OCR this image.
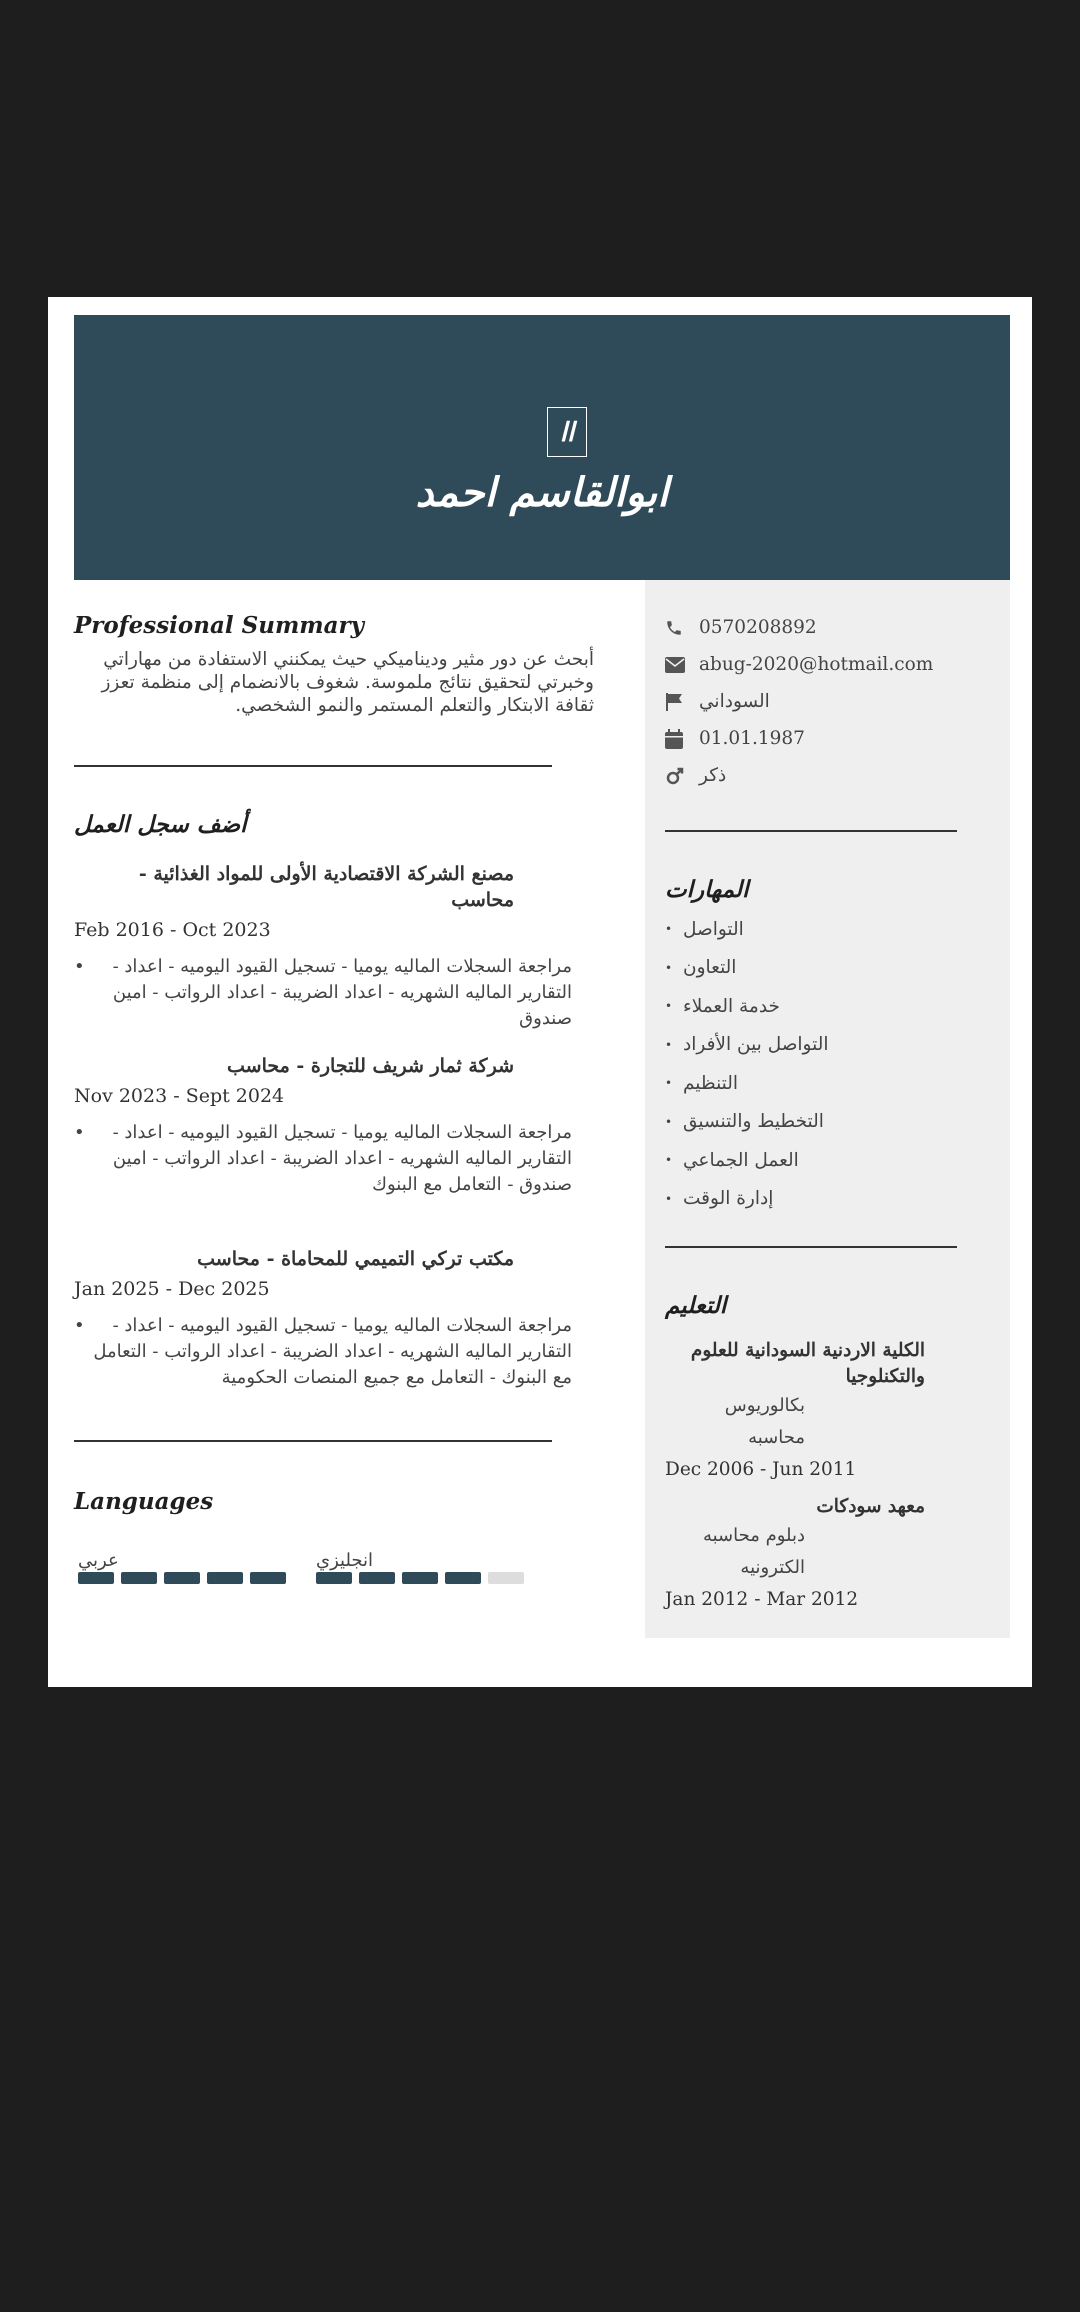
اا
ابوالقاسم احمد
Professional Summary
أبحث عن دور مثير وديناميكي حيث يمكنني الاستفادة من مهاراتي وخبرتي لتحقيق نتائج ملموسة. شغوف بالانضمام إلى منظمة تعزز ثقافة الابتكار والتعلم المستمر والنمو الشخصي.
أضف سجل العمل
مصنع الشركة الاقتصادية الأولى للمواد الغذائية - محاسب
Feb 2016 - Oct 2023
•	مراجعة السجلات الماليه يوميا - تسجيل القيود اليوميه - اعداد - التقارير الماليه الشهريه - اعداد الضريبة - اعداد الرواتب - امين صندوق
شركة ثمار شريف للتجارة - محاسب
Nov 2023 - Sept 2024
•	مراجعة السجلات الماليه يوميا - تسجيل القيود اليوميه - اعداد - التقارير الماليه الشهريه - اعداد الضريبة - اعداد الرواتب - امين صندوق - التعامل مع البنوك
مكتب تركي التميمي للمحاماة - محاسب
Jan 2025 - Dec 2025
•	مراجعة السجلات الماليه يوميا - تسجيل القيود اليوميه - اعداد - التقارير الماليه الشهريه - اعداد الضريبة - اعداد الرواتب - التعامل مع البنوك - التعامل مع جميع المنصات الحكومية
Languages
عربي	انجليزي
0570208892
abug-2020@hotmail.com
السوداني
01.01.1987
ذكر
المهارات
• التواصل
• التعاون
• خدمة العملاء
• التواصل بين الأفراد
• التنظيم
• التخطيط والتنسيق
• العمل الجماعي
• إدارة الوقت
التعليم
الكلية الاردنية السودانية للعلوم والتكنلوجيا
بكالوريوس محاسبه
Dec 2006 - Jun 2011
معهد سودكات
دبلوم محاسبه الكترونيه
Jan 2012 - Mar 2012
